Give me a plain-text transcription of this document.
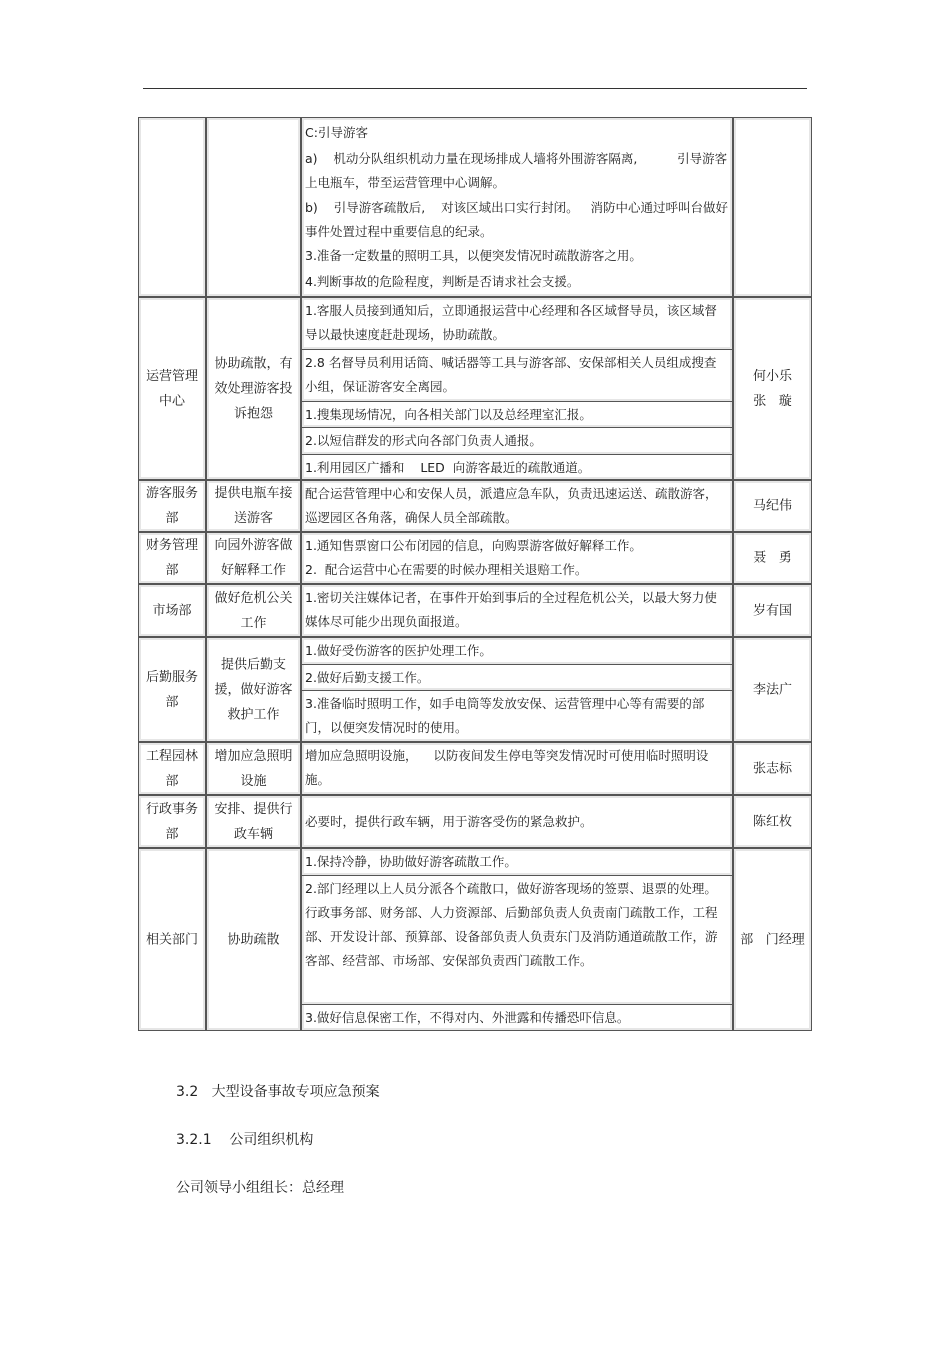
C:引导游客
a)    机动分队组织机动力量在现场排成人墙将外围游客隔离,          引导游客上电瓶车，带至运营管理中心调解。
b)    引导游客疏散后,    对该区域出口实行封闭。   消防中心通过呼叫台做好事件处置过程中重要信息的纪录。
3.准备一定数量的照明工具，以便突发情况时疏散游客之用。
4.判断事故的危险程度，判断是否请求社会支援。
运营管理中心
协助疏散，有效处理游客投诉抱怨
1.客服人员接到通知后，立即通报运营中心经理和各区域督导员，该区域督导以最快速度赶赴现场，协助疏散。
2.8 名督导员利用话筒、喊话器等工具与游客部、安保部相关人员组成搜查小组，保证游客安全离园。
1.搜集现场情况，向各相关部门以及总经理室汇报。
2.以短信群发的形式向各部门负责人通报。
1.利用园区广播和    LED  向游客最近的疏散通道。
何小乐
张   璇
游客服务部
提供电瓶车接送游客
配合运营管理中心和安保人员，派遣应急车队，负责迅速运送、疏散游客，巡逻园区各角落，确保人员全部疏散。
马纪伟
财务管理部
向园外游客做好解释工作
1.通知售票窗口公布闭园的信息，向购票游客做好解释工作。
2.  配合运营中心在需要的时候办理相关退赔工作。
聂   勇
市场部
做好危机公关工作
1.密切关注媒体记者，在事件开始到事后的全过程危机公关，以最大努力使媒体尽可能少出现负面报道。
岁有国
后勤服务部
提供后勤支援，做好游客救护工作
1.做好受伤游客的医护处理工作。
2.做好后勤支援工作。
3.准备临时照明工作，如手电筒等发放安保、运营管理中心等有需要的部门，以便突发情况时的使用。
李法广
工程园林部
增加应急照明设施
增加应急照明设施，    以防夜间发生停电等突发情况时可使用临时照明设施。
张志标
行政事务部
安排、提供行政车辆
必要时，提供行政车辆，用于游客受伤的紧急救护。	陈红枚
相关部门	协助疏散
1.保持冷静，协助做好游客疏散工作。
2.部门经理以上人员分派各个疏散口，做好游客现场的签票、退票的处理。行政事务部、财务部、人力资源部、后勤部负责人负责南门疏散工作，工程部、开发设计部、预算部、设备部负责人负责东门及消防通道疏散工作，游客部、经营部、市场部、安保部负责西门疏散工作。
3.做好信息保密工作，不得对内、外泄露和传播恐吓信息。
部   门经理
3.2   大型设备事故专项应急预案
3.2.1    公司组织机构
公司领导小组组长：总经理
